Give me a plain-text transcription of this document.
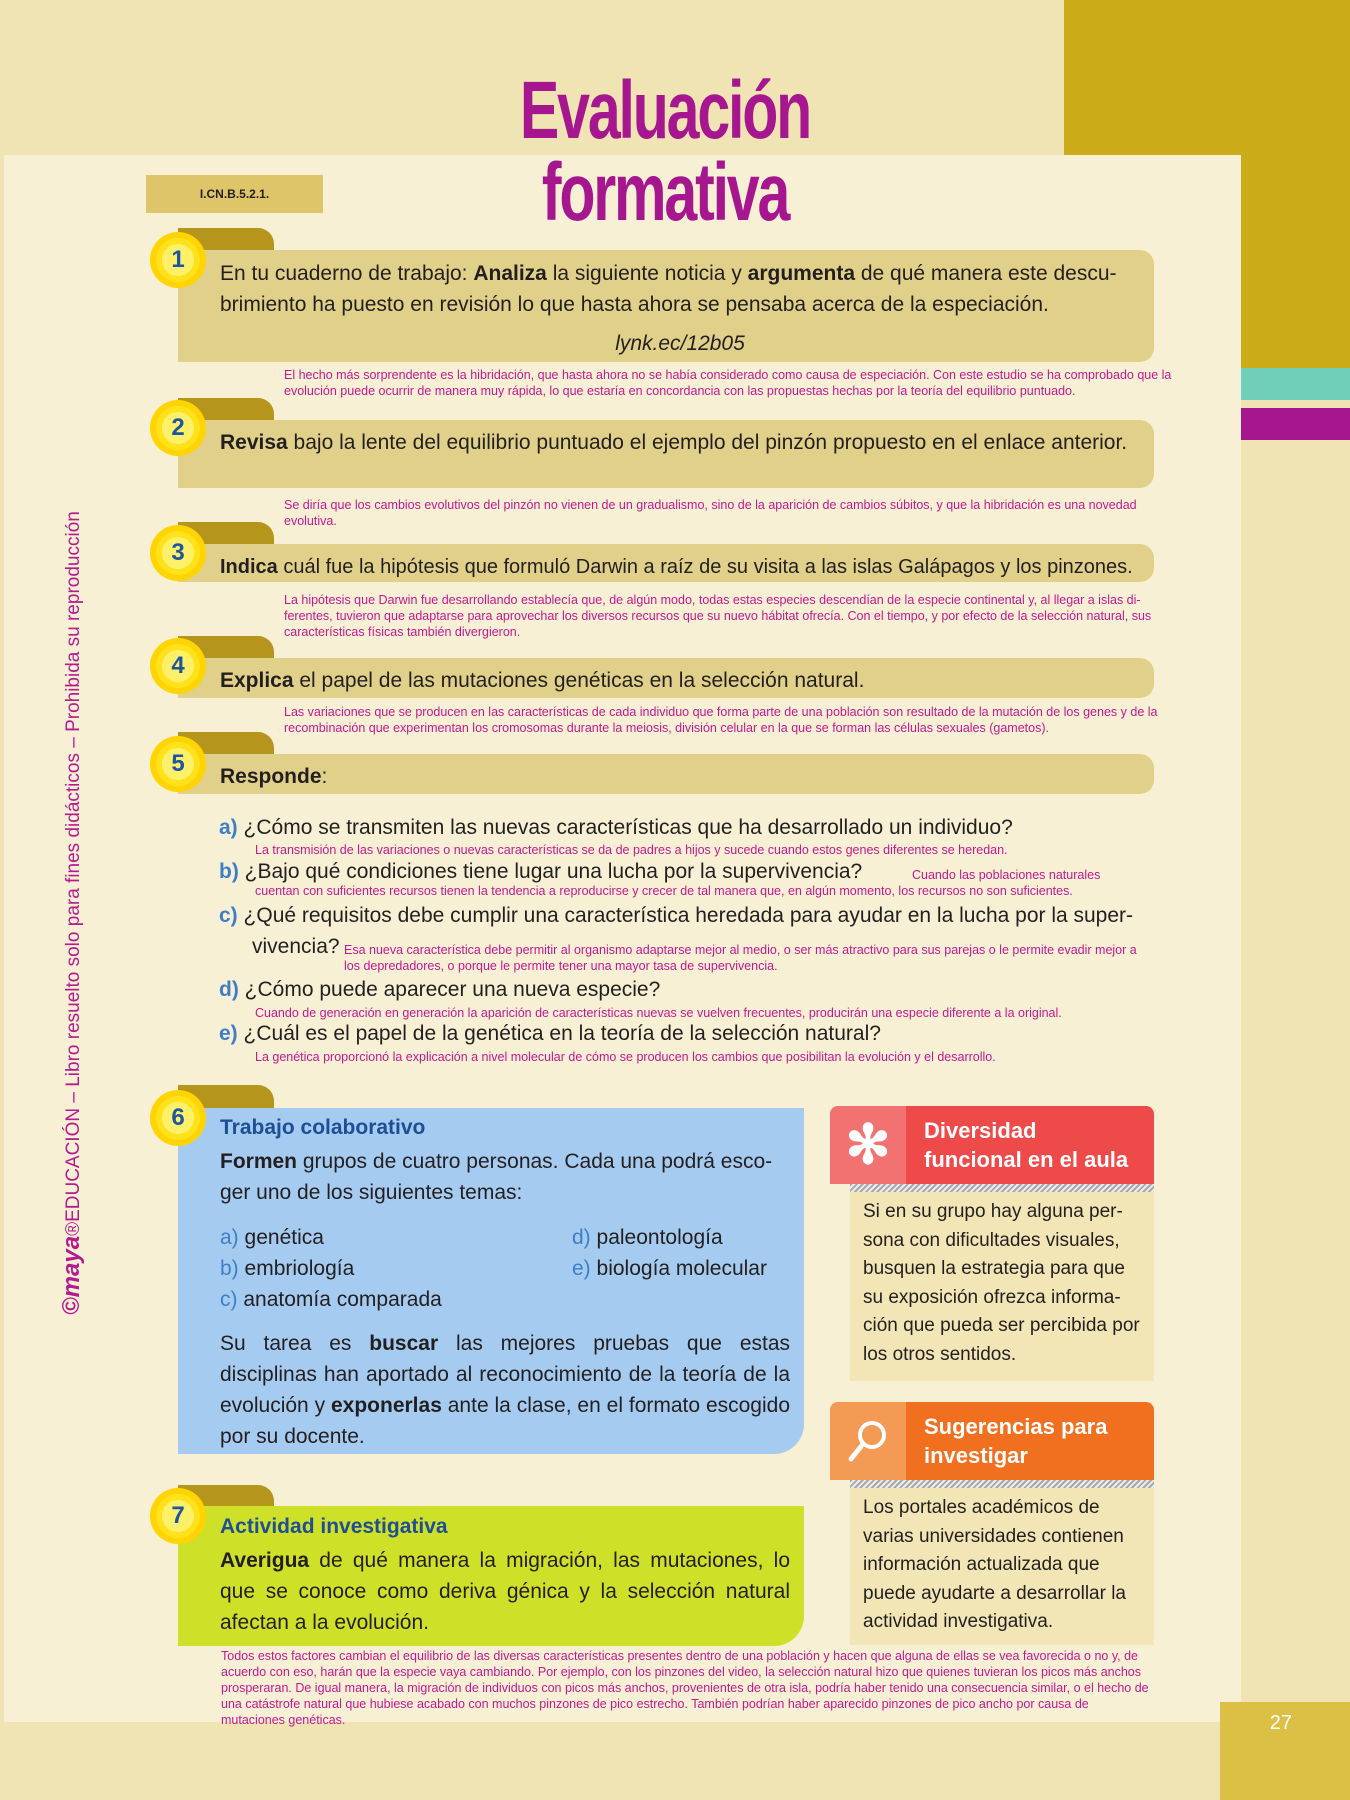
Evaluación formativa
I.CN.B.5.2.1.
©maya®EDUCACIÓN – Libro resuelto solo para fines didácticos – Prohibida su reproducción
1
En tu cuaderno de trabajo: Analiza la siguiente noticia y argumenta de qué manera este descu-brimiento ha puesto en revisión lo que hasta ahora se pensaba acerca de la especiación.
lynk.ec/12b05
El hecho más sorprendente es la hibridación, que hasta ahora no se había considerado como causa de especiación. Con este estudio se ha comprobado que la evolución puede ocurrir de manera muy rápida, lo que estaría en concordancia con las propuestas hechas por la teoría del equilibrio puntuado.
2
Revisa bajo la lente del equilibrio puntuado el ejemplo del pinzón propuesto en el enlace anterior.
Se diría que los cambios evolutivos del pinzón no vienen de un gradualismo, sino de la aparición de cambios súbitos, y que la hibridación es una novedad evolutiva.
3
Indica cuál fue la hipótesis que formuló Darwin a raíz de su visita a las islas Galápagos y los pinzones.
La hipótesis que Darwin fue desarrollando establecía que, de algún modo, todas estas especies descendían de la especie continental y, al llegar a islas di-ferentes, tuvieron que adaptarse para aprovechar los diversos recursos que su nuevo hábitat ofrecía. Con el tiempo, y por efecto de la selección natural, sus características físicas también divergieron.
4
Explica el papel de las mutaciones genéticas en la selección natural.
Las variaciones que se producen en las características de cada individuo que forma parte de una población son resultado de la mutación de los genes y de la recombinación que experimentan los cromosomas durante la meiosis, división celular en la que se forman las células sexuales (gametos).
5	Responde:
a) ¿Cómo se transmiten las nuevas características que ha desarrollado un individuo?
La transmisión de las variaciones o nuevas características se da de padres a hijos y sucede cuando estos genes diferentes se heredan.
b) ¿Bajo qué condiciones tiene lugar una lucha por la supervivencia?	Cuando las poblaciones naturales
cuentan con suficientes recursos tienen la tendencia a reproducirse y crecer de tal manera que, en algún momento, los recursos no son suficientes.
c) ¿Qué requisitos debe cumplir una característica heredada para ayudar en la lucha por la super-
vivencia? Esa nueva característica debe permitir al organismo adaptarse mejor al medio, o ser más atractivo para sus parejas o le permite evadir mejor a los depredadores, o porque le permite tener una mayor tasa de supervivencia.
d) ¿Cómo puede aparecer una nueva especie?
Cuando de generación en generación la aparición de características nuevas se vuelven frecuentes, producirán una especie diferente a la original.
e) ¿Cuál es el papel de la genética en la teoría de la selección natural?
La genética proporcionó la explicación a nivel molecular de cómo se producen los cambios que posibilitan la evolución y el desarrollo.
6	Trabajo colaborativo
Formen grupos de cuatro personas. Cada una podrá esco-ger uno de los siguientes temas:
a) genética
b) embriología
c) anatomía comparada
d) paleontología
e) biología molecular
Su tarea es buscar las mejores pruebas que estas disciplinas han aportado al reconocimiento de la teoría de la evolución y exponerlas ante la clase, en el formato escogido por su docente.
✻	Diversidad
funcional en el aula
Si en su grupo hay alguna per-sona con dificultades visuales, busquen la estrategia para que su exposición ofrezca informa-ción que pueda ser percibida por los otros sentidos.
Sugerencias para
investigar
Los portales académicos de varias universidades contienen información actualizada que puede ayudarte a desarrollar la actividad investigativa.
7	Actividad investigativa
Averigua de qué manera la migración, las mutaciones, lo que se conoce como deriva génica y la selección natural afectan a la evolución.
Todos estos factores cambian el equilibrio de las diversas características presentes dentro de una población y hacen que alguna de ellas se vea favorecida o no y, de acuerdo con eso, harán que la especie vaya cambiando. Por ejemplo, con los pinzones del video, la selección natural hizo que quienes tuvieran los picos más anchos prosperaran. De igual manera, la migración de individuos con picos más anchos, provenientes de otra isla, podría haber tenido una consecuencia similar, o el hecho de una catástrofe natural que hubiese acabado con muchos pinzones de pico estrecho. También podrían haber aparecido pinzones de pico ancho por causa de mutaciones genéticas.	27
